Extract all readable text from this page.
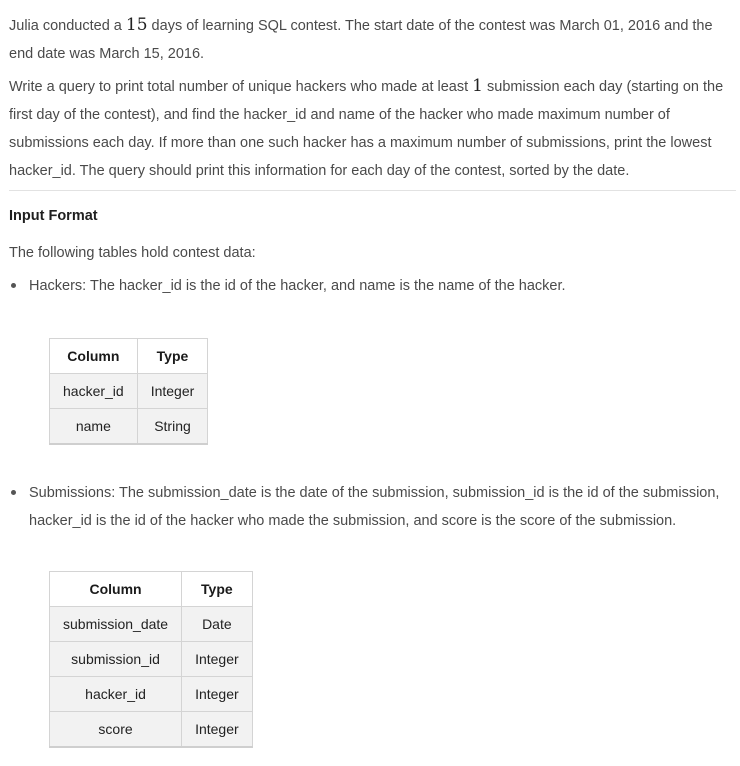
Julia conducted a 15 days of learning SQL contest. The start date of the contest was March 01, 2016 and the end date was March 15, 2016.

Write a query to print total number of unique hackers who made at least 1 submission each day (starting on the first day of the contest), and find the hacker_id and name of the hacker who made maximum number of submissions each day. If more than one such hacker has a maximum number of submissions, print the lowest hacker_id. The query should print this information for each day of the contest, sorted by the date.

Input Format

The following tables hold contest data:

Hackers: The hacker_id is the id of the hacker, and name is the name of the hacker.
Column	Type
hacker_id	Integer
name	String
Submissions: The submission_date is the date of the submission, submission_id is the id of the submission, hacker_id is the id of the hacker who made the submission, and score is the score of the submission.
Column	Type
submission_date	Date
submission_id	Integer
hacker_id	Integer
score	Integer
